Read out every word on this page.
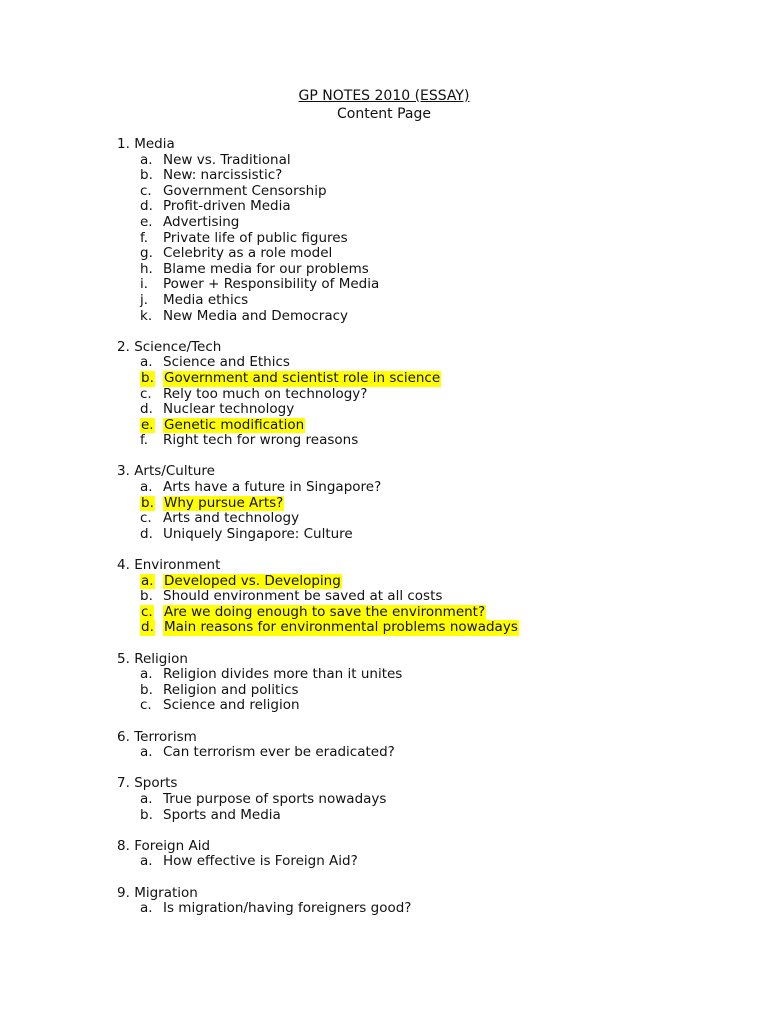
GP NOTES 2010 (ESSAY)
Content Page
1. Media
a. New vs. Traditional
b. New: narcissistic?
c. Government Censorship
d. Profit-driven Media
e. Advertising
f. Private life of public figures
g. Celebrity as a role model
h. Blame media for our problems
i. Power + Responsibility of Media
j. Media ethics
k. New Media and Democracy
2. Science/Tech
a. Science and Ethics
b. Government and scientist role in science
c. Rely too much on technology?
d. Nuclear technology
e. Genetic modification
f. Right tech for wrong reasons
3. Arts/Culture
a. Arts have a future in Singapore?
b. Why pursue Arts?
c. Arts and technology
d. Uniquely Singapore: Culture
4. Environment
a. Developed vs. Developing
b. Should environment be saved at all costs
c. Are we doing enough to save the environment?
d. Main reasons for environmental problems nowadays
5. Religion
a. Religion divides more than it unites
b. Religion and politics
c. Science and religion
6. Terrorism
a. Can terrorism ever be eradicated?
7. Sports
a. True purpose of sports nowadays
b. Sports and Media
8. Foreign Aid
a. How effective is Foreign Aid?
9. Migration
a. Is migration/having foreigners good?
